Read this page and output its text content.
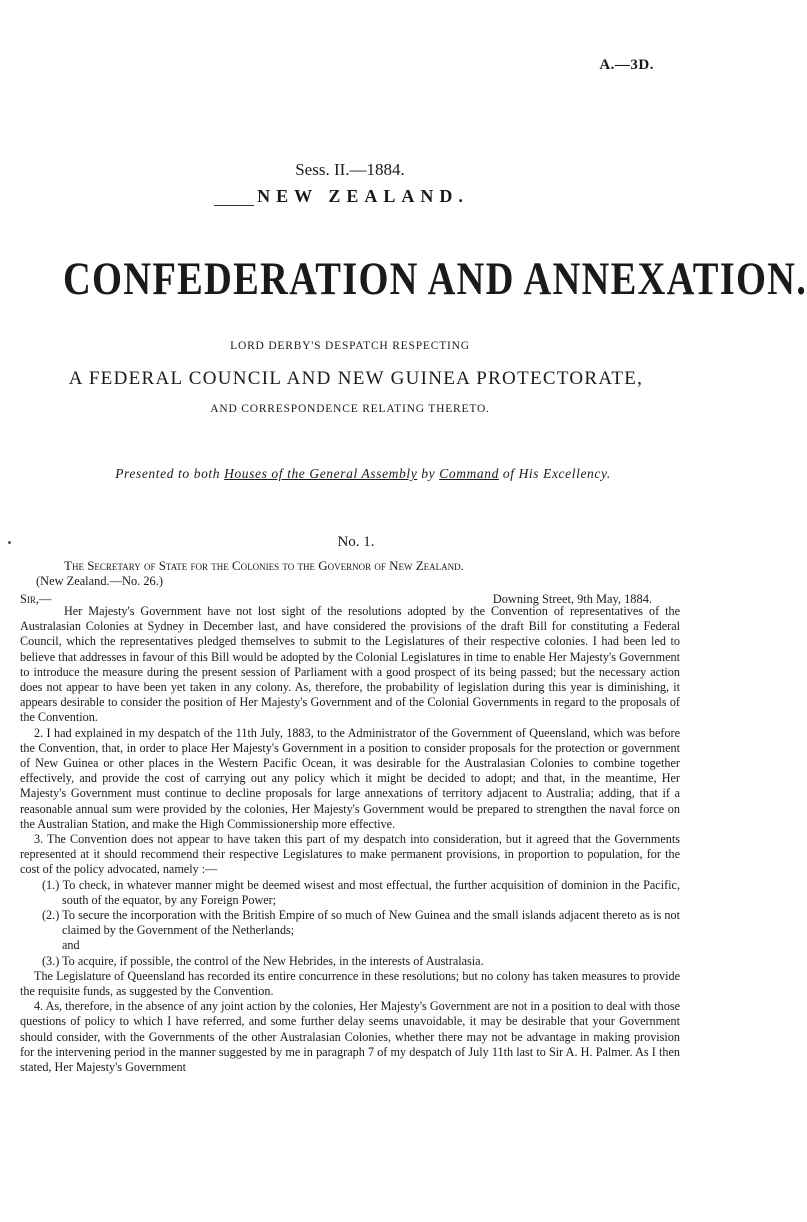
A.—3D.
Sess. II.—1884.
NEW ZEALAND.
CONFEDERATION AND ANNEXATION.
LORD DERBY'S DESPATCH RESPECTING
A FEDERAL COUNCIL AND NEW GUINEA PROTECTORATE,
AND CORRESPONDENCE RELATING THERETO.
Presented to both Houses of the General Assembly by Command of His Excellency.
No. 1.
The Secretary of State for the Colonies to the Governor of New Zealand.
(New Zealand.—No. 26.)
Sir,—	Downing Street, 9th May, 1884.

Her Majesty's Government have not lost sight of the resolutions adopted by the Convention of representatives of the Australasian Colonies at Sydney in December last, and have considered the provisions of the draft Bill for constituting a Federal Council, which the representatives pledged themselves to submit to the Legislatures of their respective colonies. I had been led to believe that addresses in favour of this Bill would be adopted by the Colonial Legislatures in time to enable Her Majesty's Government to introduce the measure during the present session of Parliament with a good prospect of its being passed; but the necessary action does not appear to have been yet taken in any colony. As, therefore, the probability of legislation during this year is diminishing, it appears desirable to consider the position of Her Majesty's Government and of the Colonial Governments in regard to the proposals of the Convention.

2. I had explained in my despatch of the 11th July, 1883, to the Administrator of the Government of Queensland, which was before the Convention, that, in order to place Her Majesty's Government in a position to consider proposals for the protection or government of New Guinea or other places in the Western Pacific Ocean, it was desirable for the Australasian Colonies to combine together effectively, and provide the cost of carrying out any policy which it might be decided to adopt; and that, in the meantime, Her Majesty's Government must continue to decline proposals for large annexations of territory adjacent to Australia; adding, that if a reasonable annual sum were provided by the colonies, Her Majesty's Government would be prepared to strengthen the naval force on the Australian Station, and make the High Commissionership more effective.

3. The Convention does not appear to have taken this part of my despatch into consideration, but it agreed that the Governments represented at it should recommend their respective Legislatures to make permanent provisions, in proportion to population, for the cost of the policy advocated, namely :—

(1.) To check, in whatever manner might be deemed wisest and most effectual, the further acquisition of dominion in the Pacific, south of the equator, by any Foreign Power;

(2.) To secure the incorporation with the British Empire of so much of New Guinea and the small islands adjacent thereto as is not claimed by the Government of the Netherlands;

and

(3.) To acquire, if possible, the control of the New Hebrides, in the interests of Australasia.

The Legislature of Queensland has recorded its entire concurrence in these resolutions; but no colony has taken measures to provide the requisite funds, as suggested by the Convention.

4. As, therefore, in the absence of any joint action by the colonies, Her Majesty's Government are not in a position to deal with those questions of policy to which I have referred, and some further delay seems unavoidable, it may be desirable that your Government should consider, with the Governments of the other Australasian Colonies, whether there may not be advantage in making provision for the intervening period in the manner suggested by me in paragraph 7 of my despatch of July 11th last to Sir A. H. Palmer. As I then stated, Her Majesty's Government
